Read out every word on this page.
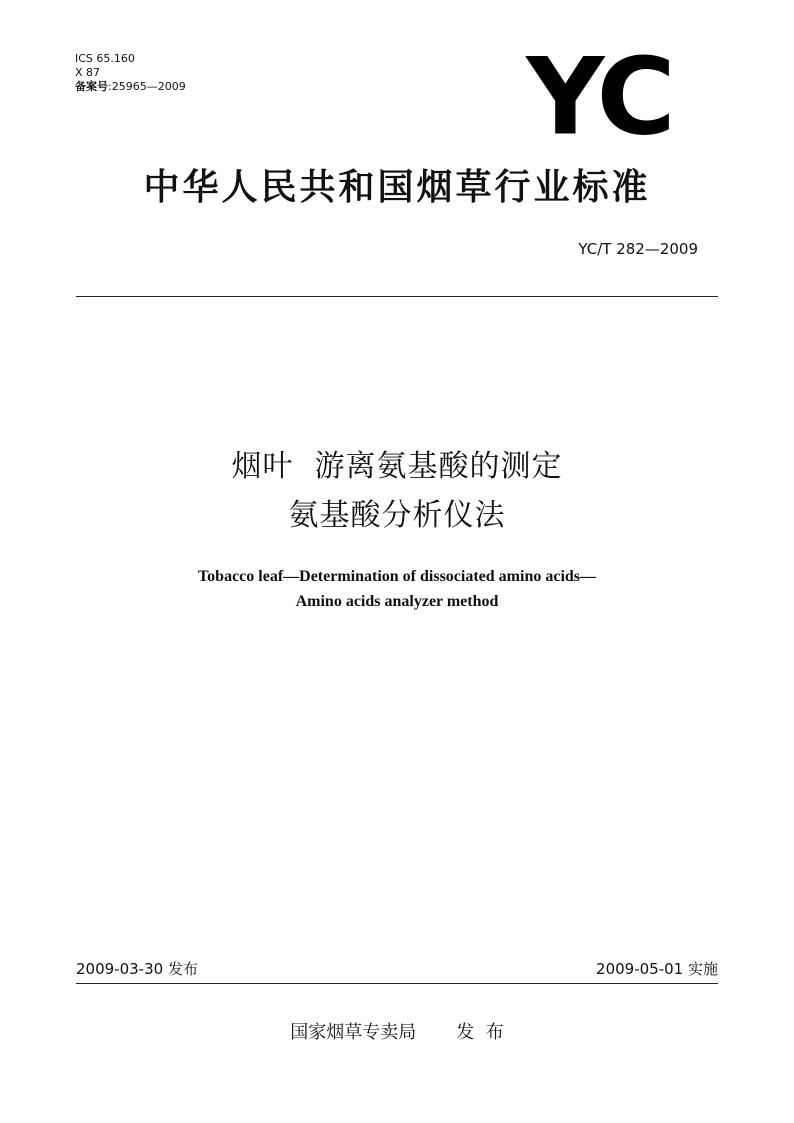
ICS 65.160
X 87
备案号:25965—2009	YC
中华人民共和国烟草行业标准
YC/T 282—2009
烟叶  游离氨基酸的测定
氨基酸分析仪法
Tobacco leaf—Determination of dissociated amino acids—
Amino acids analyzer method
2009-03-30 发布	2009-05-01 实施
国家烟草专卖局 发  布
